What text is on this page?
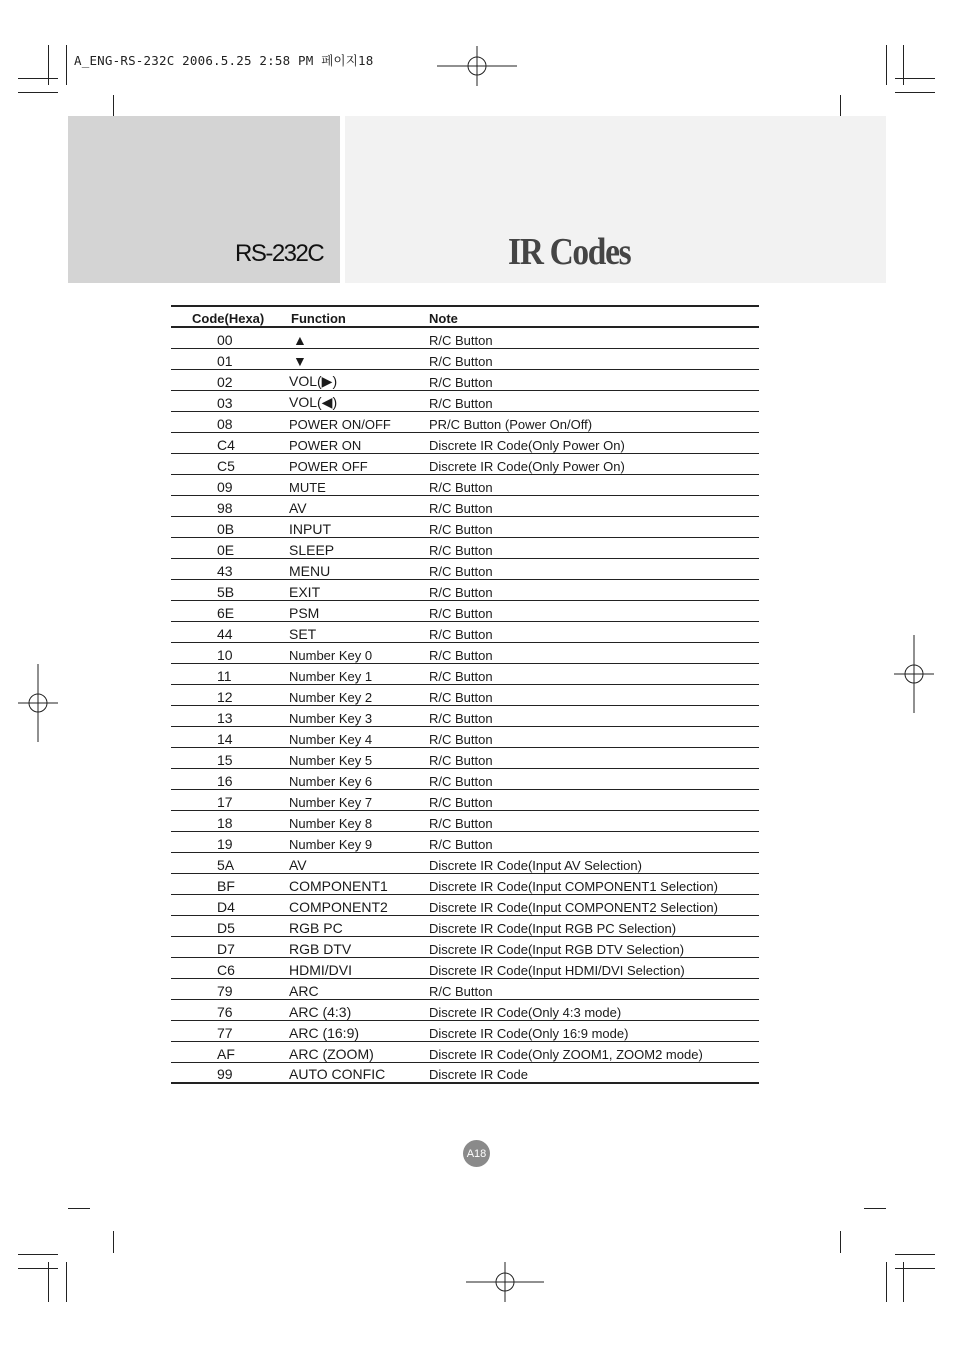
A_ENG-RS-232C 2006.5.25 2:58 PM 페이지18
RS-232C	IR Codes
Code(Hexa)	Function	Note
00	▲	R/C Button
01	▼	R/C Button
02	VOL(▶)	R/C Button
03	VOL(◀)	R/C Button
08	POWER ON/OFF	PR/C Button (Power On/Off)
C4	POWER ON	Discrete IR Code(Only Power On)
C5	POWER OFF	Discrete IR Code(Only Power On)
09	MUTE	R/C Button
98	AV	R/C Button
0B	INPUT	R/C Button
0E	SLEEP	R/C Button
43	MENU	R/C Button
5B	EXIT	R/C Button
6E	PSM	R/C Button
44	SET	R/C Button
10	Number Key 0	R/C Button
11	Number Key 1	R/C Button
12	Number Key 2	R/C Button
13	Number Key 3	R/C Button
14	Number Key 4	R/C Button
15	Number Key 5	R/C Button
16	Number Key 6	R/C Button
17	Number Key 7	R/C Button
18	Number Key 8	R/C Button
19	Number Key 9	R/C Button
5A	AV	Discrete IR Code(Input AV Selection)
BF	COMPONENT1	Discrete IR Code(Input COMPONENT1 Selection)
D4	COMPONENT2	Discrete IR Code(Input COMPONENT2 Selection)
D5	RGB PC	Discrete IR Code(Input RGB PC Selection)
D7	RGB DTV	Discrete IR Code(Input RGB DTV Selection)
C6	HDMI/DVI	Discrete IR Code(Input HDMI/DVI Selection)
79	ARC	R/C Button
76	ARC (4:3)	Discrete IR Code(Only 4:3 mode)
77	ARC (16:9)	Discrete IR Code(Only 16:9 mode)
AF	ARC (ZOOM)	Discrete IR Code(Only ZOOM1, ZOOM2 mode)
99	AUTO CONFIC	Discrete IR Code
A18
